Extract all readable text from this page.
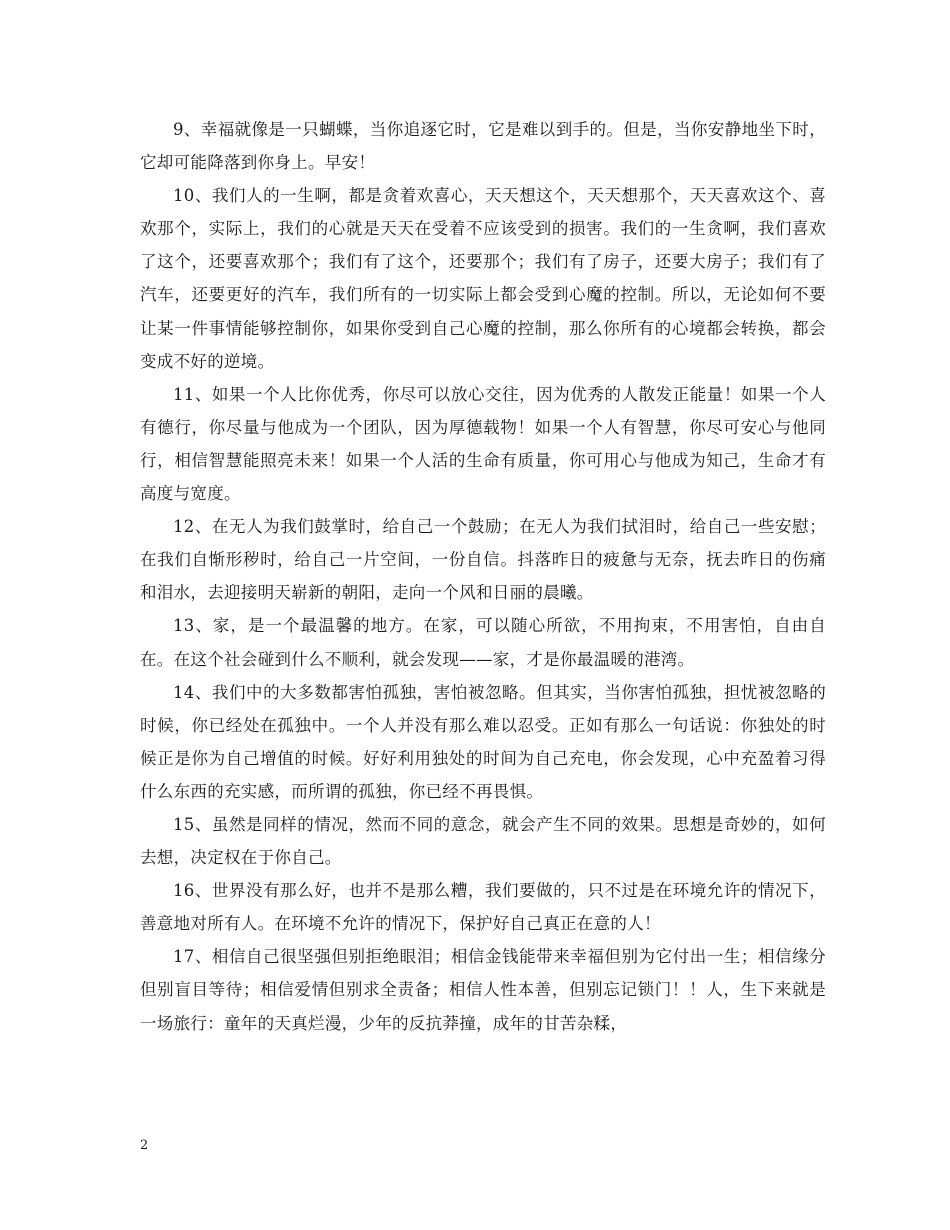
9、幸福就像是一只蝴蝶，当你追逐它时，它是难以到手的。但是，当你安静地坐下时，它却可能降落到你身上。早安！

10、我们人的一生啊，都是贪着欢喜心，天天想这个，天天想那个，天天喜欢这个、喜欢那个，实际上，我们的心就是天天在受着不应该受到的损害。我们的一生贪啊，我们喜欢了这个，还要喜欢那个；我们有了这个，还要那个；我们有了房子，还要大房子；我们有了汽车，还要更好的汽车，我们所有的一切实际上都会受到心魔的控制。所以，无论如何不要让某一件事情能够控制你，如果你受到自己心魔的控制，那么你所有的心境都会转换，都会变成不好的逆境。

11、如果一个人比你优秀，你尽可以放心交往，因为优秀的人散发正能量！如果一个人有德行，你尽量与他成为一个团队，因为厚德载物！如果一个人有智慧，你尽可安心与他同行，相信智慧能照亮未来！如果一个人活的生命有质量，你可用心与他成为知己，生命才有高度与宽度。

12、在无人为我们鼓掌时，给自己一个鼓励；在无人为我们拭泪时，给自己一些安慰；在我们自惭形秽时，给自己一片空间，一份自信。抖落昨日的疲惫与无奈，抚去昨日的伤痛和泪水，去迎接明天崭新的朝阳，走向一个风和日丽的晨曦。

13、家，是一个最温馨的地方。在家，可以随心所欲，不用拘束，不用害怕，自由自在。在这个社会碰到什么不顺利，就会发现——家，才是你最温暖的港湾。

14、我们中的大多数都害怕孤独，害怕被忽略。但其实，当你害怕孤独，担忧被忽略的时候，你已经处在孤独中。一个人并没有那么难以忍受。正如有那么一句话说：你独处的时候正是你为自己增值的时候。好好利用独处的时间为自己充电，你会发现，心中充盈着习得什么东西的充实感，而所谓的孤独，你已经不再畏惧。

15、虽然是同样的情况，然而不同的意念，就会产生不同的效果。思想是奇妙的，如何去想，决定权在于你自己。

16、世界没有那么好，也并不是那么糟，我们要做的，只不过是在环境允许的情况下，善意地对所有人。在环境不允许的情况下，保护好自己真正在意的人！

17、相信自己很坚强但别拒绝眼泪；相信金钱能带来幸福但别为它付出一生；相信缘分但别盲目等待；相信爱情但别求全责备；相信人性本善，但别忘记锁门！！人，生下来就是一场旅行：童年的天真烂漫，少年的反抗莽撞，成年的甘苦杂糅，

2
